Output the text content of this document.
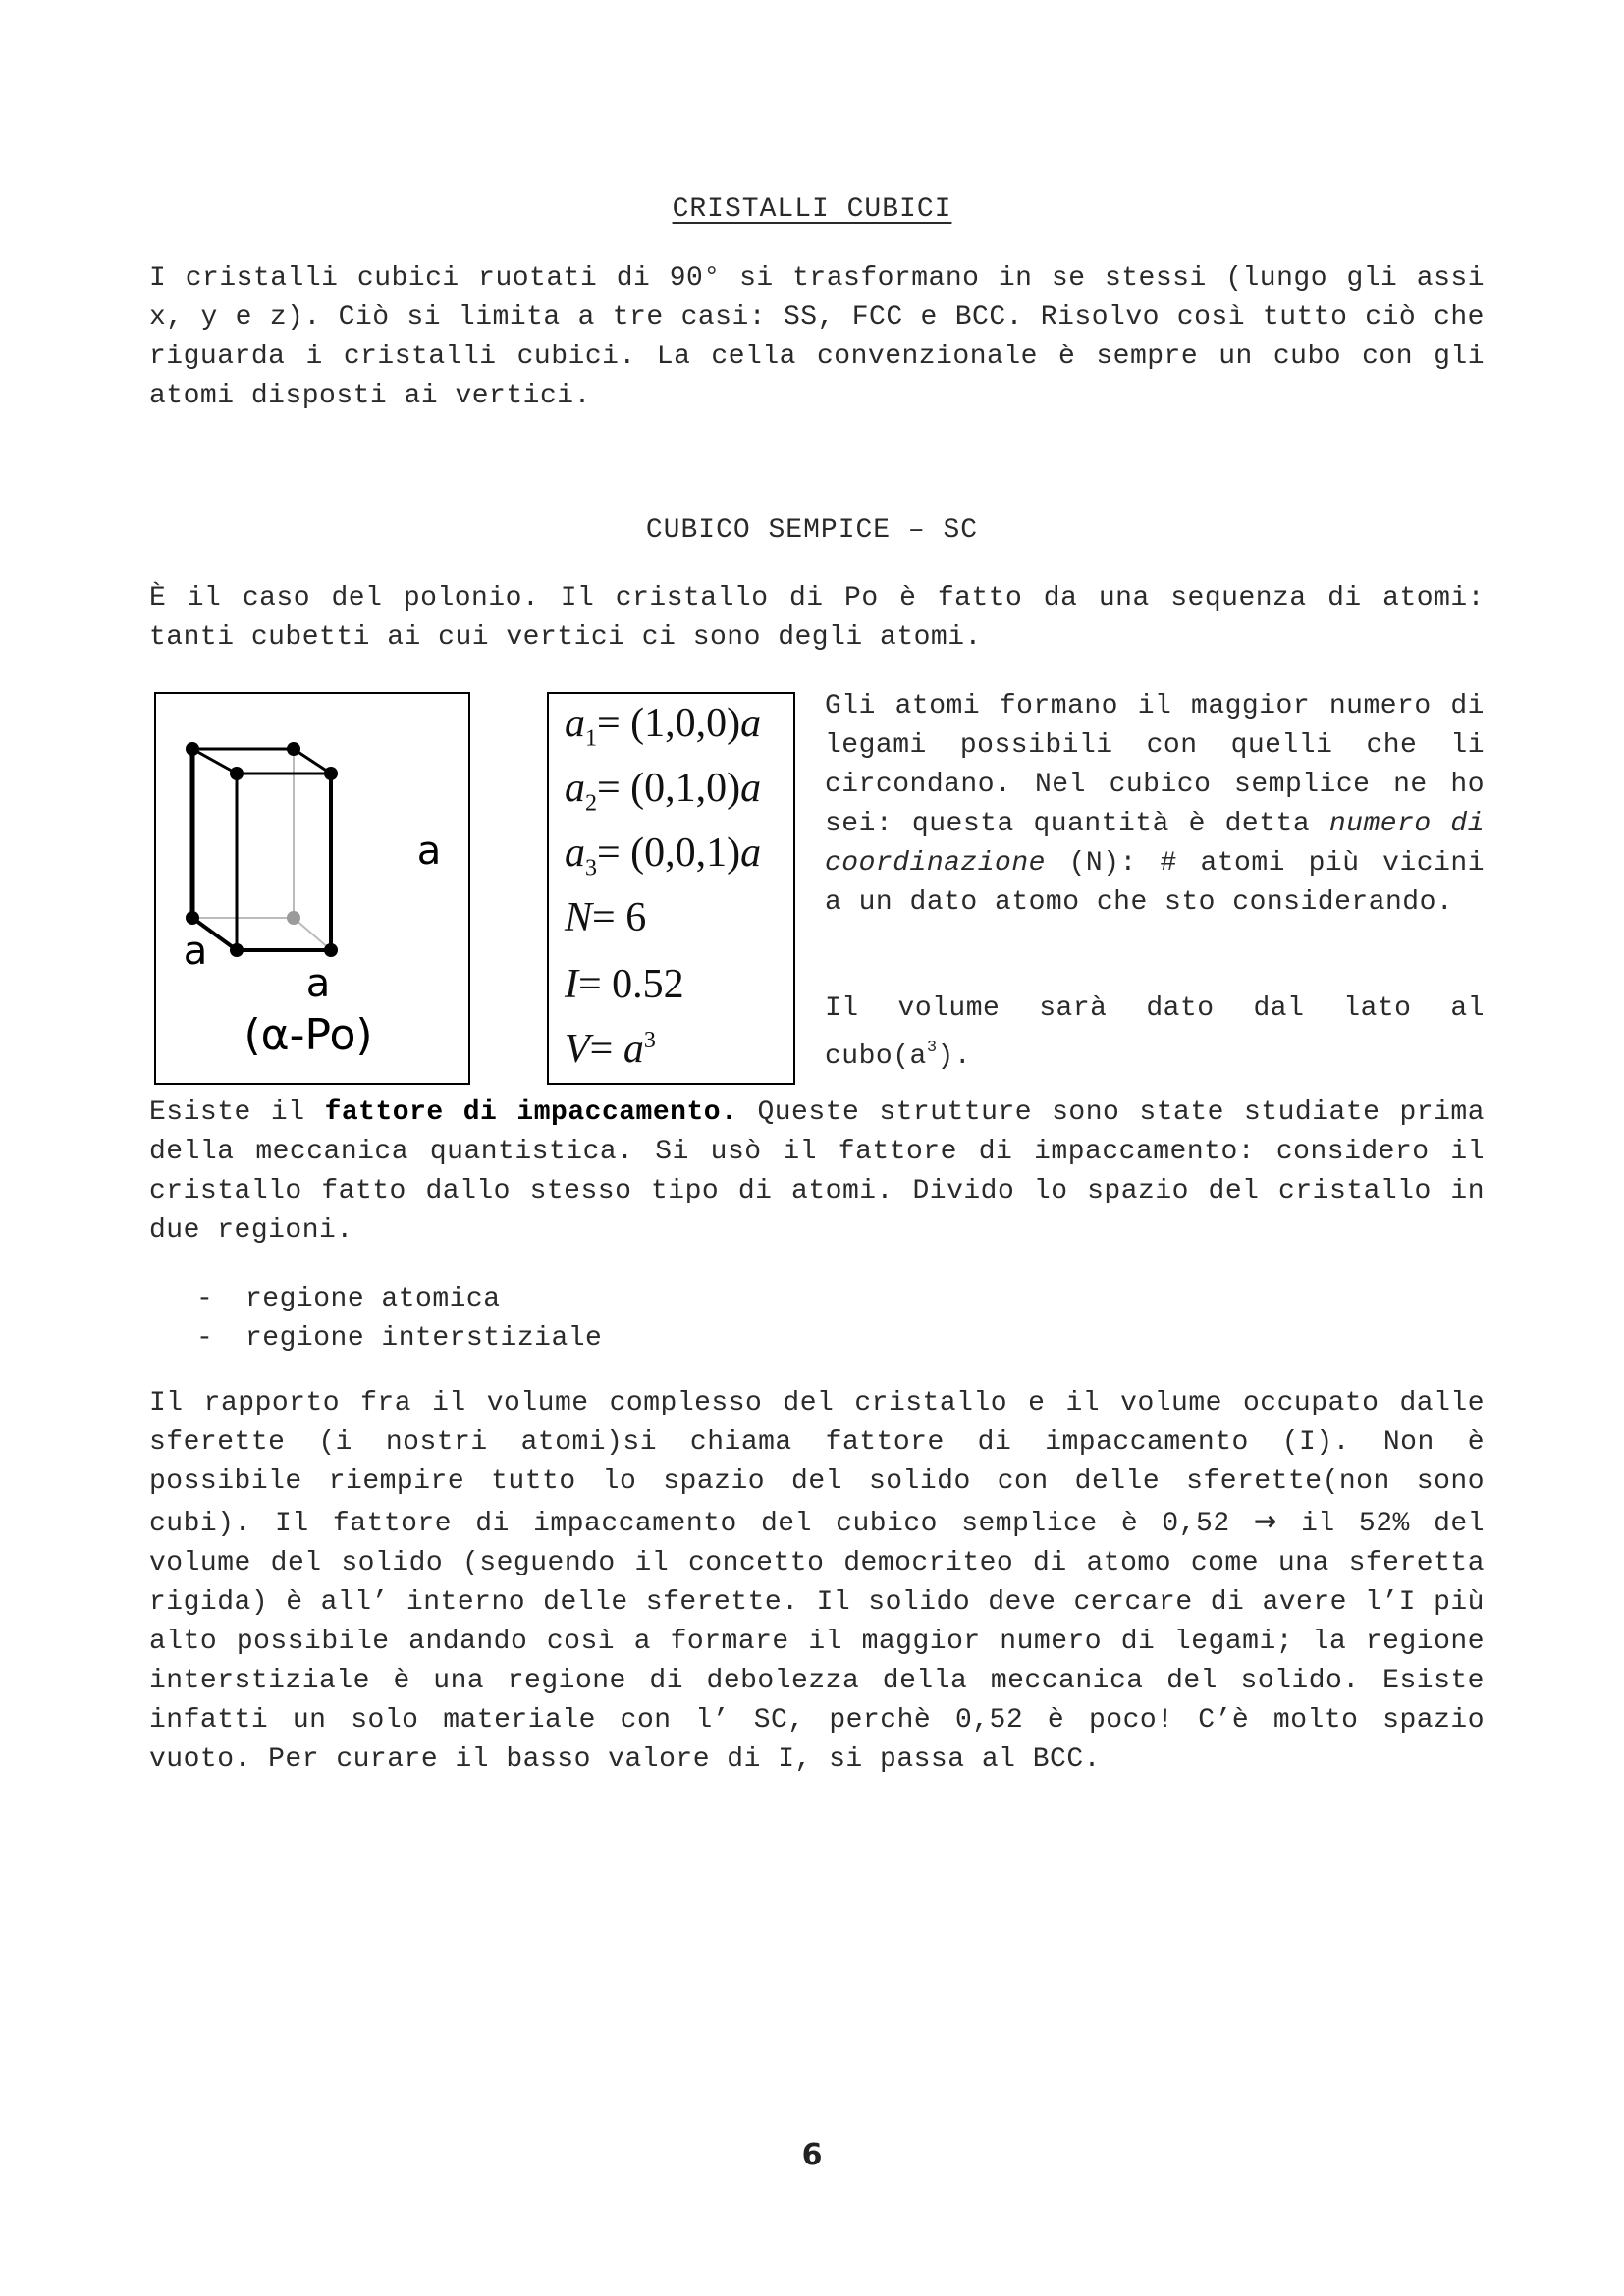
CRISTALLI CUBICI

I cristalli cubici ruotati di 90° si trasformano in se stessi (lungo gli assi x, y e z). Ciò si limita a tre casi: SS, FCC e BCC. Risolvo così tutto ciò che riguarda i cristalli cubici. La cella convenzionale è sempre un cubo con gli atomi disposti ai vertici.

CUBICO SEMPICE – SC

È il caso del polonio. Il cristallo di Po è fatto da una sequenza di atomi: tanti cubetti ai cui vertici ci sono degli atomi.

a
a
a
(α-Po)
$a_1= (1,0,0)a$
$a_2= (0,1,0)a$
$a_3= (0,0,1)a$
N= 6
I= 0.52
$V= a^3$

Gli atomi formano il maggior numero di legami possibili con quelli che li circondano. Nel cubico semplice ne ho sei: questa quantità è detta numero di coordinazione (N): # atomi più vicini a un dato atomo che sto considerando.

Il volume sarà dato dal lato al $cubo(a^3)$.

Esiste il fattore di impaccamento. Queste strutture sono state studiate prima della meccanica quantistica. Si usò il fattore di impaccamento: considero il cristallo fatto dallo stesso tipo di atomi. Divido lo spazio del cristallo in due regioni.

- regione atomica
- regione interstiziale

Il rapporto fra il volume complesso del cristallo e il volume occupato dalle sferette (i nostri atomi)si chiama fattore di impaccamento (I). Non è possibile riempire tutto lo spazio del solido con delle sferette(non sono cubi). Il fattore di impaccamento del cubico semplice è 0,52 → il 52% del volume del solido (seguendo il concetto democriteo di atomo come una sferetta rigida) è all’ interno delle sferette. Il solido deve cercare di avere l’I più alto possibile andando così a formare il maggior numero di legami; la regione interstiziale è una regione di debolezza della meccanica del solido. Esiste infatti un solo materiale con l’ SC, perchè 0,52 è poco! C’è molto spazio vuoto. Per curare il basso valore di I, si passa al BCC.

6
